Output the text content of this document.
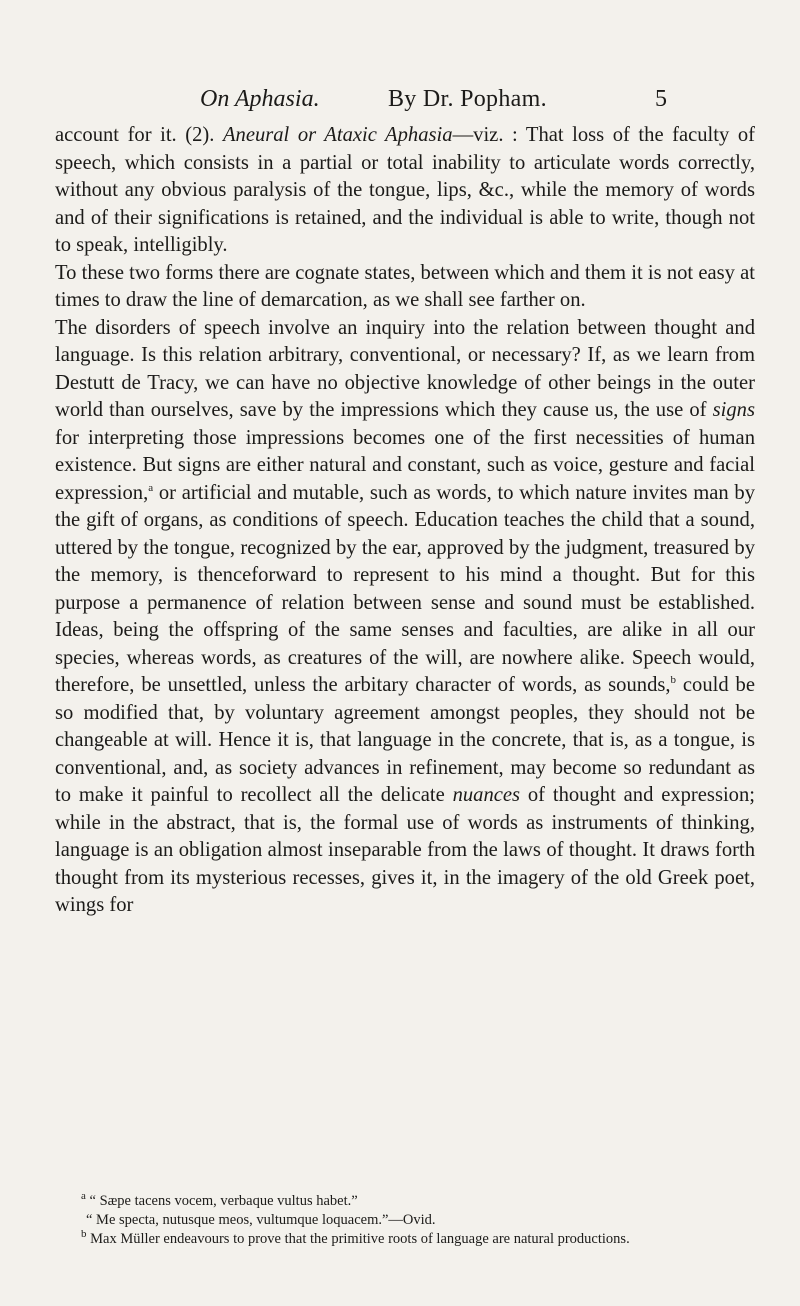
On Aphasia.	By Dr. Popham.	5

account for it. (2). Aneural or Ataxic Aphasia—viz. : That loss of the faculty of speech, which consists in a partial or total inability to articulate words correctly, without any obvious paralysis of the tongue, lips, &c., while the memory of words and of their significations is retained, and the individual is able to write, though not to speak, intelligibly.

To these two forms there are cognate states, between which and them it is not easy at times to draw the line of demarcation, as we shall see farther on.

The disorders of speech involve an inquiry into the relation between thought and language. Is this relation arbitrary, conventional, or necessary? If, as we learn from Destutt de Tracy, we can have no objective knowledge of other beings in the outer world than ourselves, save by the impressions which they cause us, the use of signs for interpreting those impressions becomes one of the first necessities of human existence. But signs are either natural and constant, such as voice, gesture and facial expression,$^a$ or artificial and mutable, such as words, to which nature invites man by the gift of organs, as conditions of speech. Education teaches the child that a sound, uttered by the tongue, recognized by the ear, approved by the judgment, treasured by the memory, is thenceforward to represent to his mind a thought. But for this purpose a permanence of relation between sense and sound must be established. Ideas, being the offspring of the same senses and faculties, are alike in all our species, whereas words, as creatures of the will, are nowhere alike. Speech would, therefore, be unsettled, unless the arbitary character of words, as sounds,$^b$ could be so modified that, by voluntary agreement amongst peoples, they should not be changeable at will. Hence it is, that language in the concrete, that is, as a tongue, is conventional, and, as society advances in refinement, may become so redundant as to make it painful to recollect all the delicate nuances of thought and expression; while in the abstract, that is, the formal use of words as instruments of thinking, language is an obligation almost inseparable from the laws of thought. It draws forth thought from its mysterious recesses, gives it, in the imagery of the old Greek poet, wings for

$^a$ “ Sæpe tacens vocem, verbaque vultus habet.”

“ Me specta, nutusque meos, vultumque loquacem.”—Ovid.

$^b$ Max Müller endeavours to prove that the primitive roots of language are natural productions.
